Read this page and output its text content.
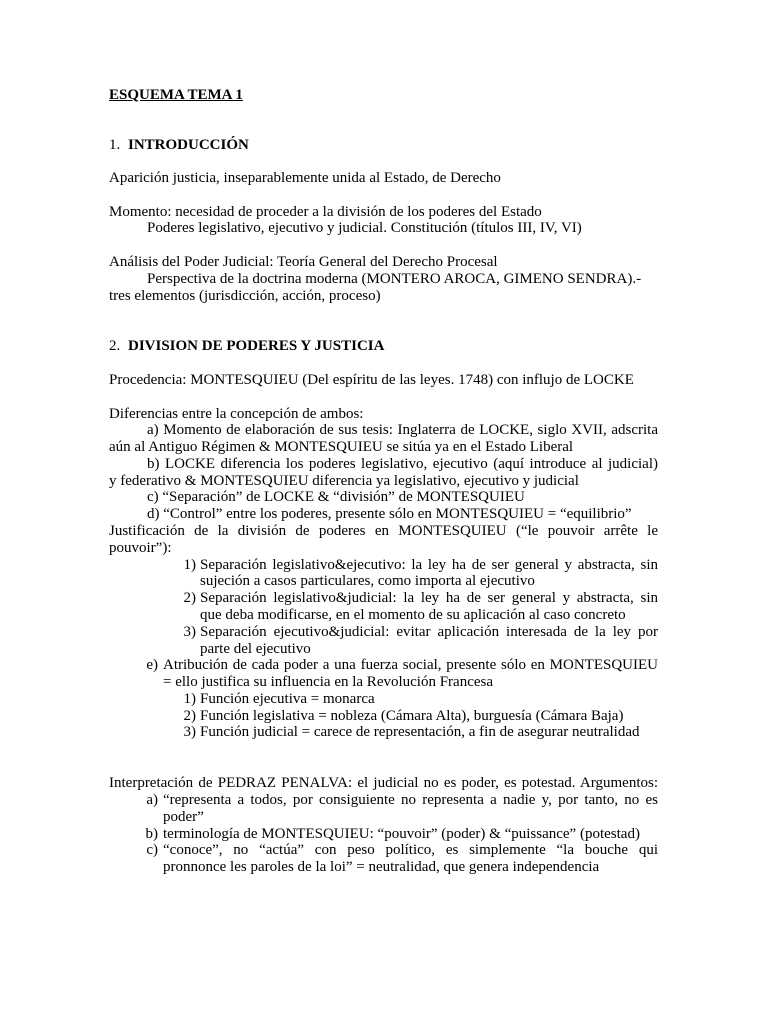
ESQUEMA TEMA 1
1. INTRODUCCIÓN
Aparición justicia, inseparablemente unida al Estado, de Derecho
Momento: necesidad de proceder a la división de los poderes del Estado
Poderes legislativo, ejecutivo y judicial. Constitución (títulos III, IV, VI)
Análisis del Poder Judicial: Teoría General del Derecho Procesal
Perspectiva de la doctrina moderna (MONTERO AROCA, GIMENO SENDRA).-
tres elementos (jurisdicción, acción, proceso)
2. DIVISION DE PODERES Y JUSTICIA
Procedencia: MONTESQUIEU (Del espíritu de las leyes. 1748) con influjo de LOCKE
Diferencias entre la concepción de ambos:
a) Momento de elaboración de sus tesis: Inglaterra de LOCKE, siglo XVII, adscrita
aún al Antiguo Régimen & MONTESQUIEU se sitúa ya en el Estado Liberal
b) LOCKE diferencia los poderes legislativo, ejecutivo (aquí introduce al judicial)
y federativo & MONTESQUIEU diferencia ya legislativo, ejecutivo y judicial
c) “Separación” de LOCKE & “división” de MONTESQUIEU
d) “Control” entre los poderes, presente sólo en MONTESQUIEU = “equilibrio”
Justificación de la división de poderes en MONTESQUIEU (“le pouvoir arrête le
pouvoir”):
1) Separación legislativo&ejecutivo: la ley ha de ser general y abstracta, sin
sujeción a casos particulares, como importa al ejecutivo
2) Separación legislativo&judicial: la ley ha de ser general y abstracta, sin
que deba modificarse, en el momento de su aplicación al caso concreto
3) Separación ejecutivo&judicial: evitar aplicación interesada de la ley por
parte del ejecutivo
e) Atribución de cada poder a una fuerza social, presente sólo en MONTESQUIEU
= ello justifica su influencia en la Revolución Francesa
1) Función ejecutiva = monarca
2) Función legislativa = nobleza (Cámara Alta), burguesía (Cámara Baja)
3) Función judicial = carece de representación, a fin de asegurar neutralidad
Interpretación de PEDRAZ PENALVA: el judicial no es poder, es potestad. Argumentos:
a) “representa a todos, por consiguiente no representa a nadie y, por tanto, no es
poder”
b) terminología de MONTESQUIEU: “pouvoir” (poder) & “puissance” (potestad)
c) “conoce”, no “actúa” con peso político, es simplemente “la bouche qui
pronnonce les paroles de la loi” = neutralidad, que genera independencia
